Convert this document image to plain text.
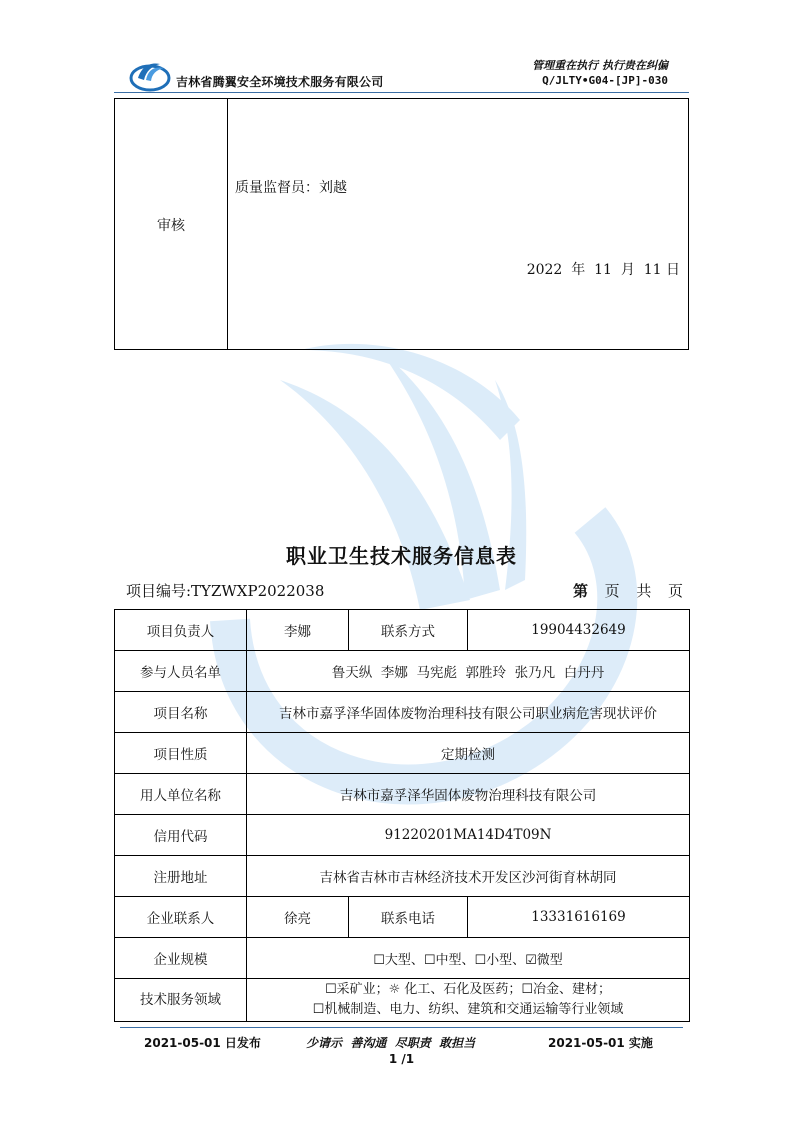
吉林省腾翼安全环境技术服务有限公司
管理重在执行 执行贵在纠偏
Q/JLTY•G04-[JP]-030
审核
质量监督员：刘越
2022  年  11  月  11 日
职业卫生技术服务信息表
项目编号:TYZWXP2022038	第 页 共 页
项目负责人	李娜	联系方式	19904432649
参与人员名单	鲁天纵  李娜  马宪彪  郭胜玲  张乃凡  白丹丹		
项目名称	吉林市嘉孚泽华固体废物治理科技有限公司职业病危害现状评价		
项目性质	定期检测		
用人单位名称	吉林市嘉孚泽华固体废物治理科技有限公司		
信用代码	91220201MA14D4T09N		
注册地址	吉林省吉林市吉林经济技术开发区沙河街育林胡同		
企业联系人	徐亮	联系电话	13331616169
企业规模	☐大型、☐中型、☐小型、☑微型		
技术服务领域	☐采矿业；☼ 化工、石化及医药；☐冶金、建材；
☐机械制造、电力、纺织、建筑和交通运输等行业领域		
2021-05-01 日发布	少请示  善沟通  尽职责  敢担当	2021-05-01 实施
1 /1
